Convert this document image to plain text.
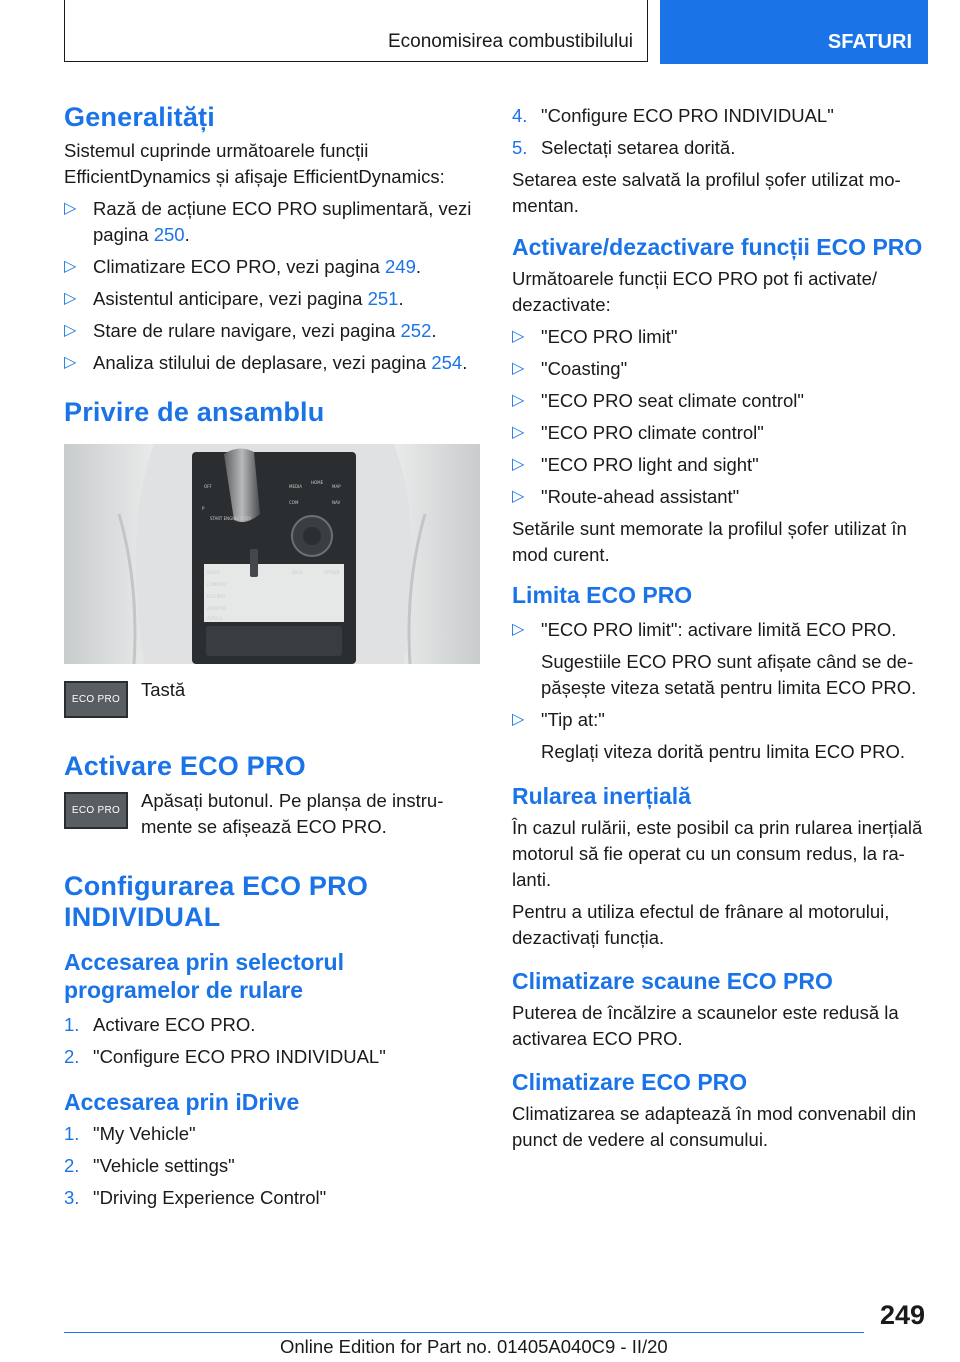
Economisirea combustibilului	SFATURI
Generalități

Sistemul cuprinde următoarele funcții EfficientDynamics și afișaje EfficientDynamics:

▷ Rază de acțiune ECO PRO suplimentară, vezi pagina 250.
▷ Climatizare ECO PRO, vezi pagina 249.
▷ Asistentul anticipare, vezi pagina 251.
▷ Stare de rulare navigare, vezi pagina 252.
▷ Analiza stilului de deplasare, vezi pagina 254.
Privire de ansamblu
MEDIA
HOME
MAP
COM	NAV
BACK	OPTION
SPORT
COMFORT
ECO PRO
ADAPTIVE
AUTO H
OFF
START ENGINE STOP
P
ECO PRO	Tastă

Activare ECO PRO
ECO PRO	Apăsați butonul. Pe planșa de instru-mente se afișează ECO PRO.

Configurarea ECO PRO
INDIVIDUAL
Accesarea prin selectorul
programelor de rulare
1. Activare ECO PRO.
2. "Configure ECO PRO INDIVIDUAL"
Accesarea prin iDrive
1. "My Vehicle"
2. "Vehicle settings"
3. "Driving Experience Control"
4. "Configure ECO PRO INDIVIDUAL"
5. Selectați setarea dorită.

Setarea este salvată la profilul șofer utilizat mo-mentan.

Activare/dezactivare funcții ECO PRO

Următoarele funcții ECO PRO pot fi activate/ dezactivate:

▷ "ECO PRO limit"
▷ "Coasting"
▷ "ECO PRO seat climate control"
▷ "ECO PRO climate control"
▷ "ECO PRO light and sight"
▷ "Route-ahead assistant"

Setările sunt memorate la profilul șofer utilizat în mod curent.

Limita ECO PRO
▷ "ECO PRO limit": activare limită ECO PRO.
Sugestiile ECO PRO sunt afișate când se de-pășește viteza setată pentru limita ECO PRO.
▷ "Tip at:"
Reglați viteza dorită pentru limita ECO PRO.
Rularea inerțială

În cazul rulării, este posibil ca prin rularea inerțială motorul să fie operat cu un consum redus, la ra-lanti.

Pentru a utiliza efectul de frânare al motorului, dezactivați funcția.

Climatizare scaune ECO PRO

Puterea de încălzire a scaunelor este redusă la activarea ECO PRO.

Climatizare ECO PRO

Climatizarea se adaptează în mod convenabil din punct de vedere al consumului.

249
Online Edition for Part no. 01405A040C9 - II/20
